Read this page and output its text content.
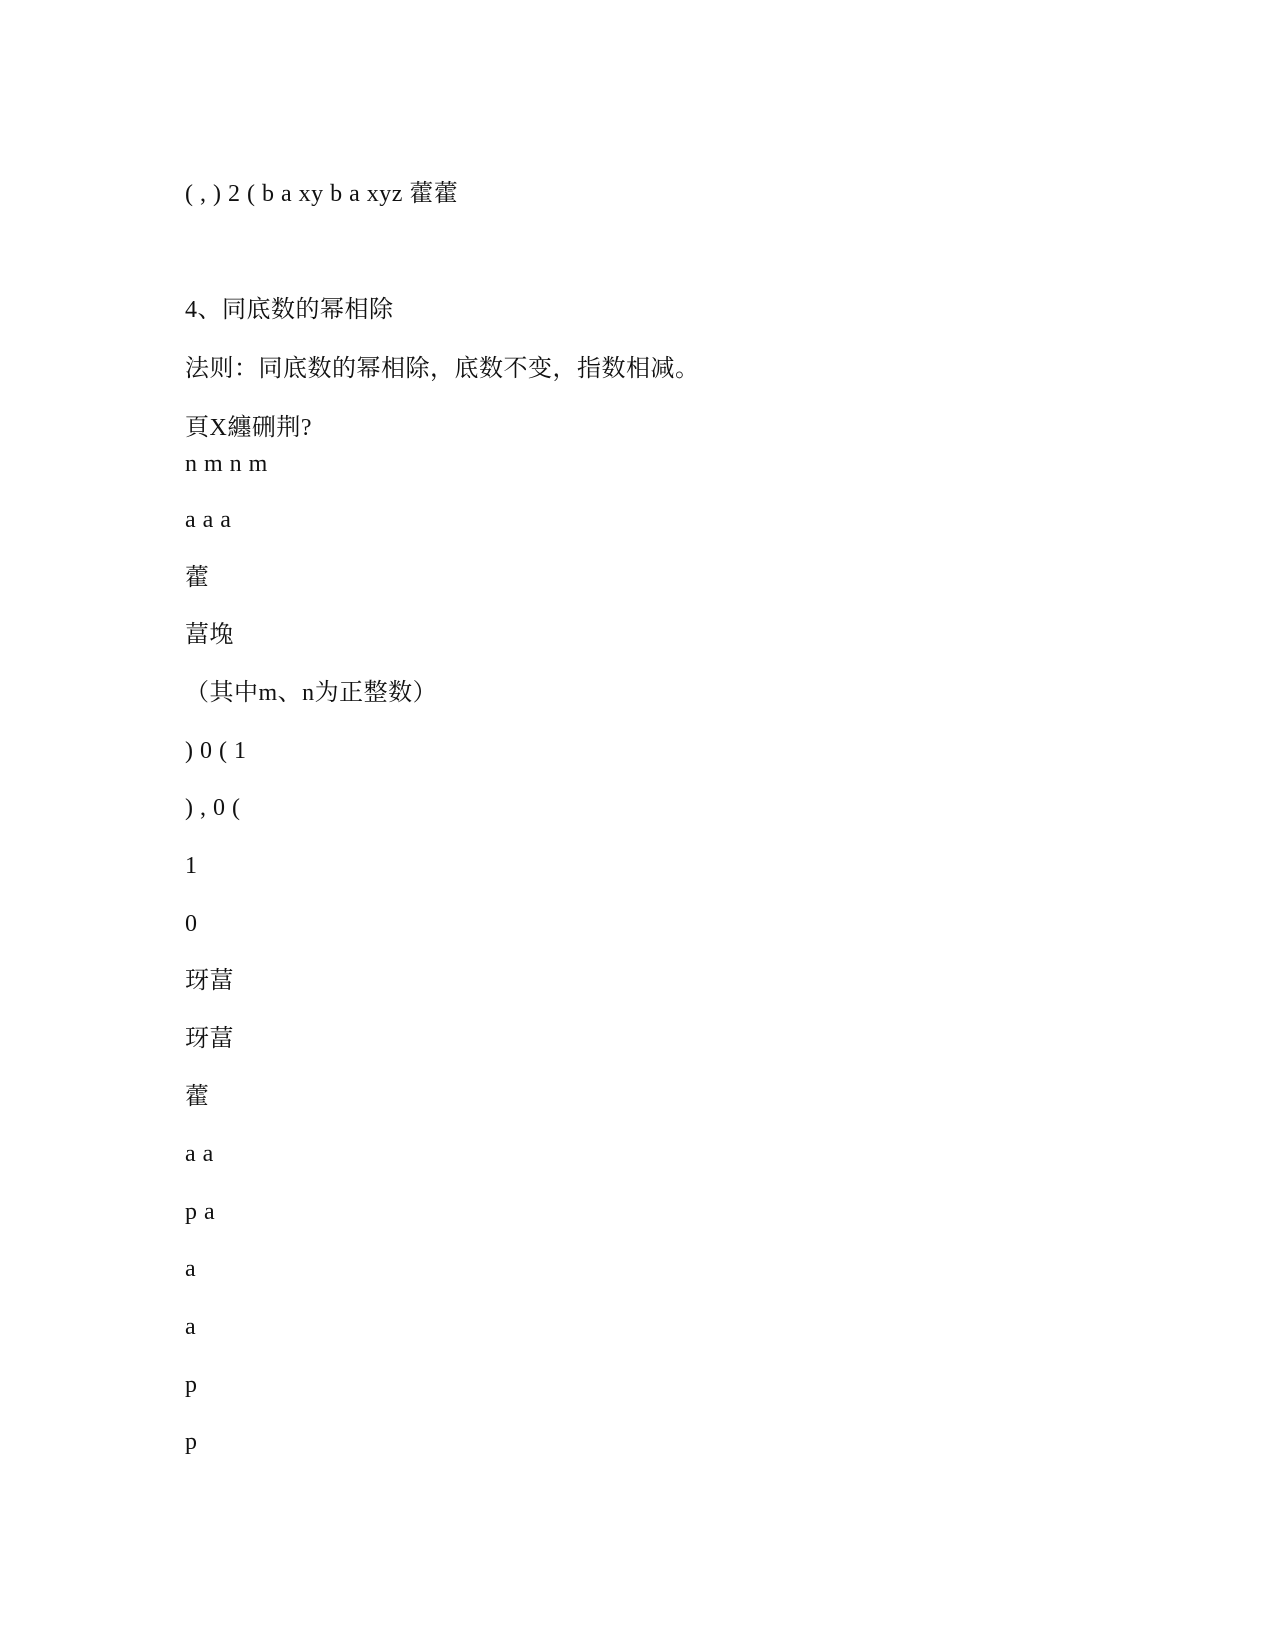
( , ) 2 ( b a xy b a xyz 藿藿
4、同底数的幂相除
法则：同底数的幂相除，底数不变，指数相减。
頁X纏硎荆?
n m n m
a a a
藿
葍堍
（其中m、n为正整数）
) 0 ( 1
) , 0 (
1
0
玡葍
玡葍
藿
a a
p a
a
a
p
p
